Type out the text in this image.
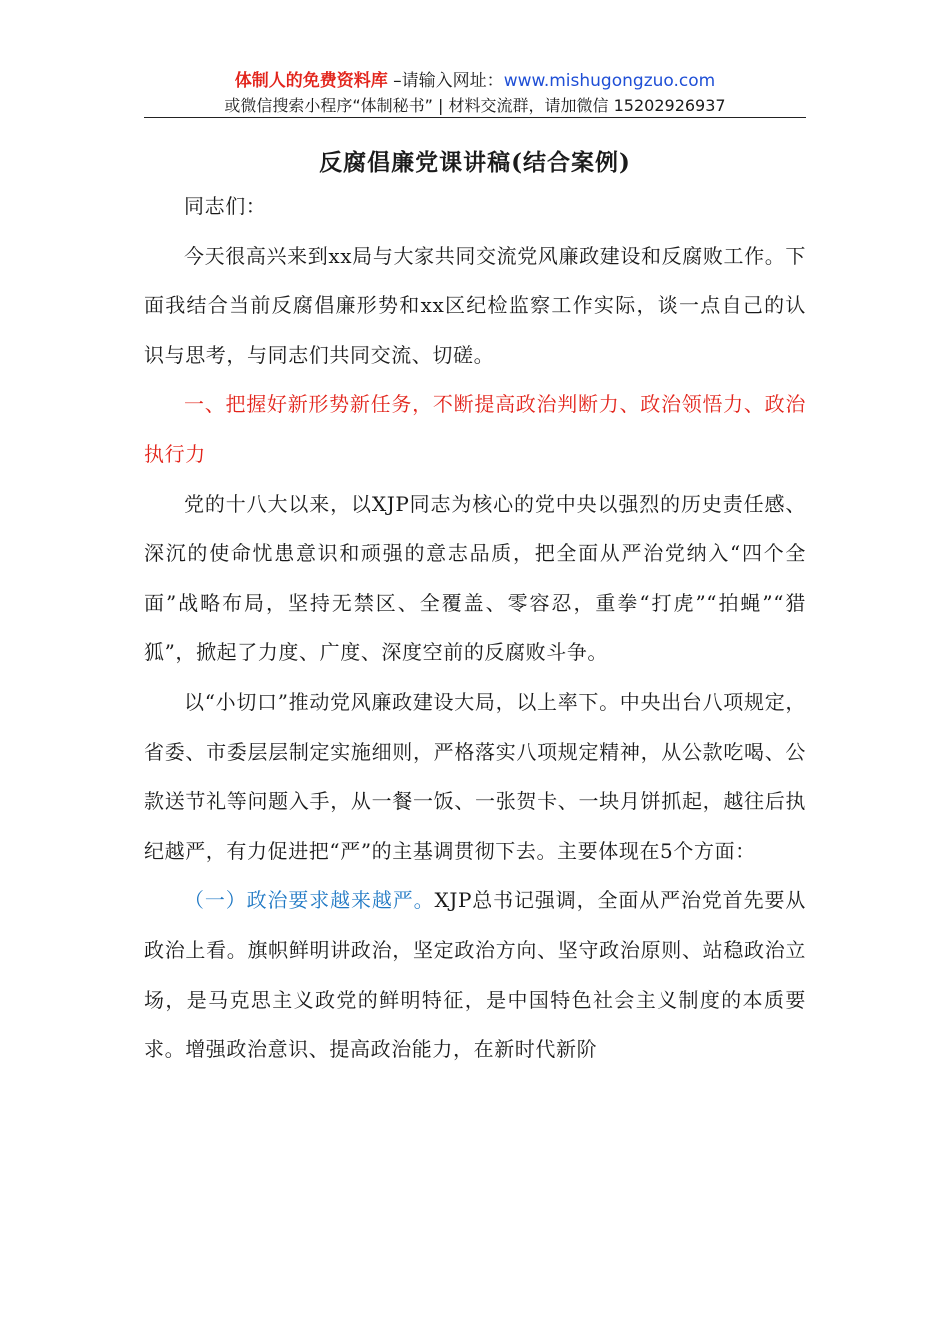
体制人的免费资料库 –请输入网址：www.mishugongzuo.com
或微信搜索小程序“体制秘书” | 材料交流群，请加微信 15202926937
反腐倡廉党课讲稿(结合案例)

同志们：

今天很高兴来到xx局与大家共同交流党风廉政建设和反腐败工作。下面我结合当前反腐倡廉形势和xx区纪检监察工作实际，谈一点自己的认识与思考，与同志们共同交流、切磋。

一、把握好新形势新任务，不断提高政治判断力、政治领悟力、政治执行力

党的十八大以来，以XJP同志为核心的党中央以强烈的历史责任感、深沉的使命忧患意识和顽强的意志品质，把全面从严治党纳入“四个全面”战略布局，坚持无禁区、全覆盖、零容忍，重拳“打虎”“拍蝇”“猎狐”，掀起了力度、广度、深度空前的反腐败斗争。

以“小切口”推动党风廉政建设大局，以上率下。中央出台八项规定，省委、市委层层制定实施细则，严格落实八项规定精神，从公款吃喝、公款送节礼等问题入手，从一餐一饭、一张贺卡、一块月饼抓起，越往后执纪越严，有力促进把“严”的主基调贯彻下去。主要体现在5个方面：

（一）政治要求越来越严。XJP总书记强调，全面从严治党首先要从政治上看。旗帜鲜明讲政治，坚定政治方向、坚守政治原则、站稳政治立场，是马克思主义政党的鲜明特征，是中国特色社会主义制度的本质要求。增强政治意识、提高政治能力，在新时代新阶
